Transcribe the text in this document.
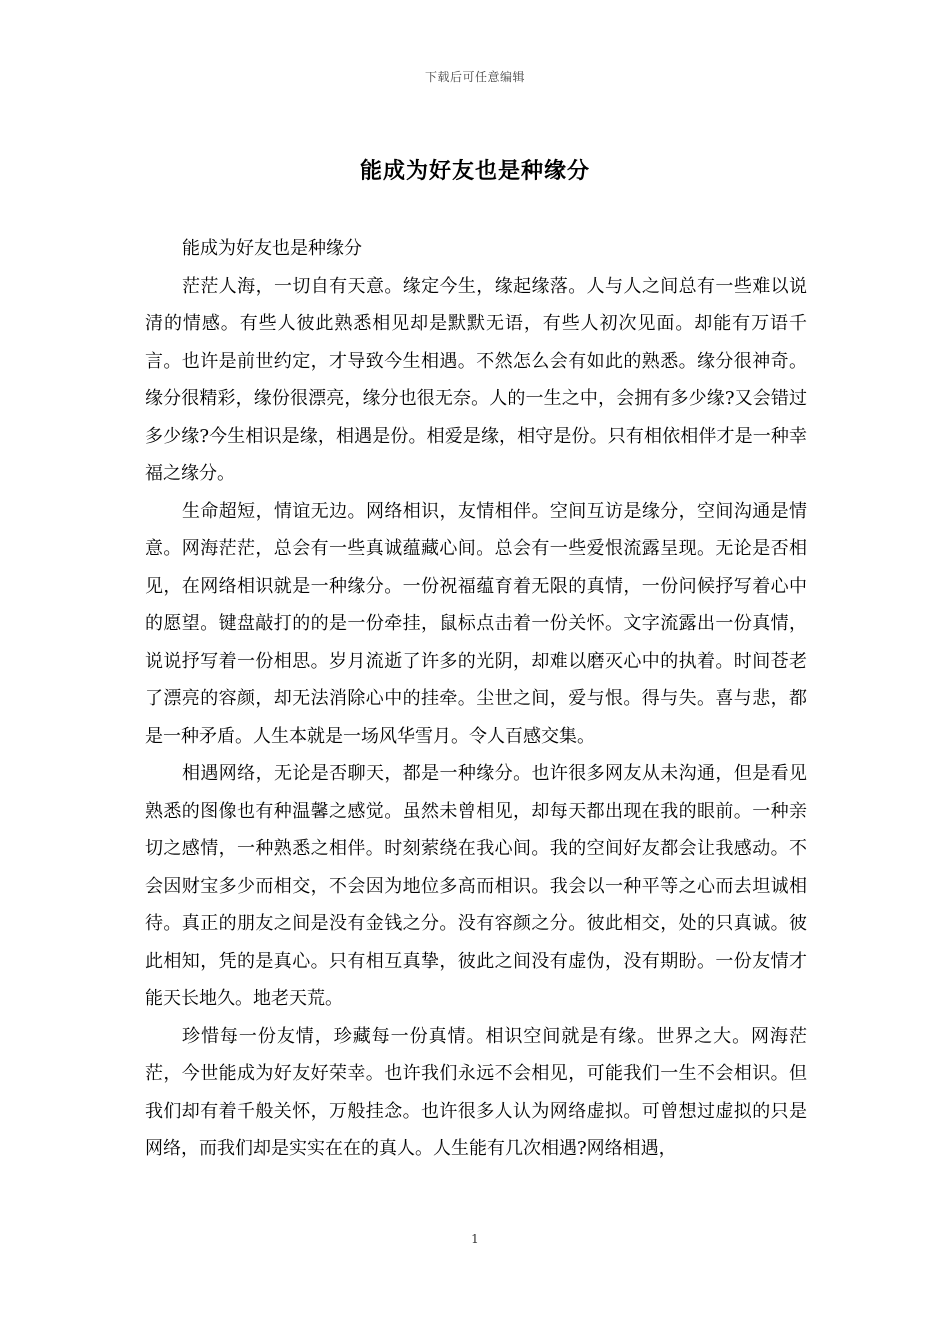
下载后可任意编辑
能成为好友也是种缘分

能成为好友也是种缘分

茫茫人海，一切自有天意。缘定今生，缘起缘落。人与人之间总有一些难以说清的情感。有些人彼此熟悉相见却是默默无语，有些人初次见面。却能有万语千言。也许是前世约定，才导致今生相遇。不然怎么会有如此的熟悉。缘分很神奇。缘分很精彩，缘份很漂亮，缘分也很无奈。人的一生之中，会拥有多少缘?又会错过多少缘?今生相识是缘，相遇是份。相爱是缘，相守是份。只有相依相伴才是一种幸福之缘分。

生命超短，情谊无边。网络相识，友情相伴。空间互访是缘分，空间沟通是情意。网海茫茫，总会有一些真诚蕴藏心间。总会有一些爱恨流露呈现。无论是否相见，在网络相识就是一种缘分。一份祝福蕴育着无限的真情，一份问候抒写着心中的愿望。键盘敲打的的是一份牵挂，鼠标点击着一份关怀。文字流露出一份真情，说说抒写着一份相思。岁月流逝了许多的光阴，却难以磨灭心中的执着。时间苍老了漂亮的容颜，却无法消除心中的挂牵。尘世之间，爱与恨。得与失。喜与悲，都是一种矛盾。人生本就是一场风华雪月。令人百感交集。

相遇网络，无论是否聊天，都是一种缘分。也许很多网友从未沟通，但是看见熟悉的图像也有种温馨之感觉。虽然未曾相见，却每天都出现在我的眼前。一种亲切之感情，一种熟悉之相伴。时刻萦绕在我心间。我的空间好友都会让我感动。不会因财宝多少而相交，不会因为地位多高而相识。我会以一种平等之心而去坦诚相待。真正的朋友之间是没有金钱之分。没有容颜之分。彼此相交，处的只真诚。彼此相知，凭的是真心。只有相互真挚，彼此之间没有虚伪，没有期盼。一份友情才能天长地久。地老天荒。

珍惜每一份友情，珍藏每一份真情。相识空间就是有缘。世界之大。网海茫茫，今世能成为好友好荣幸。也许我们永远不会相见，可能我们一生不会相识。但我们却有着千般关怀，万般挂念。也许很多人认为网络虚拟。可曾想过虚拟的只是网络，而我们却是实实在在的真人。人生能有几次相遇?网络相遇，

1
